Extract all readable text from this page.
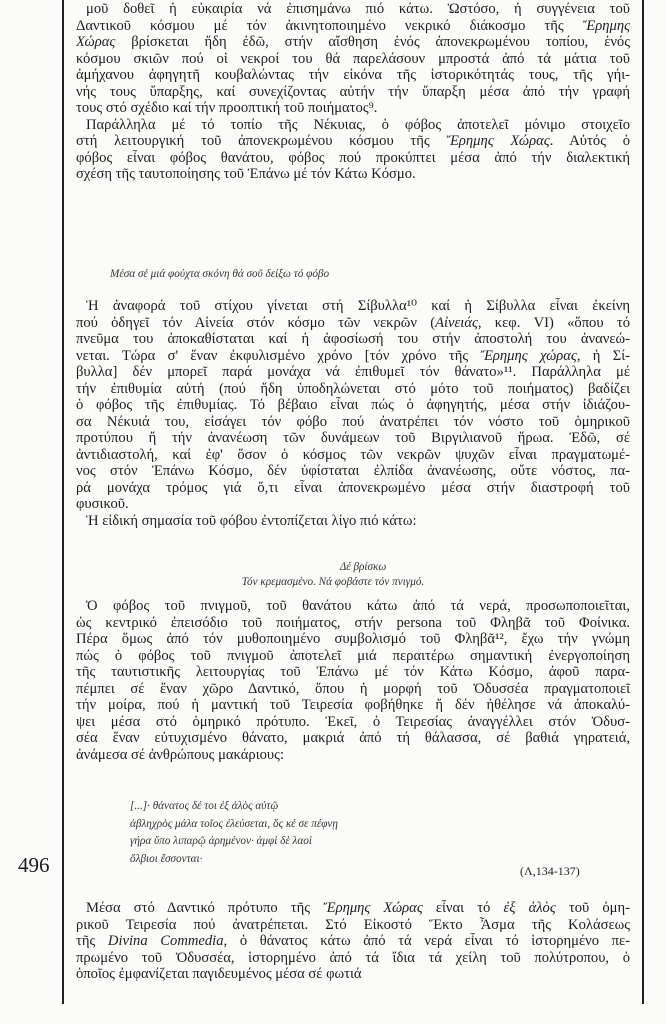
496
μοῦ δοθεῖ ἡ εὐκαιρία νά ἐπισημάνω πιό κάτω. Ὡστόσο, ἡ συγγένεια τοῦ
Δαντικοῦ κόσμου μέ τόν ἀκινητοποιημένο νεκρικό διάκοσμο τῆς Ἔρημης
Χώρας βρίσκεται ἤδη ἐδῶ, στήν αἴσθηση ἑνός ἀπονεκρωμένου τοπίου, ἑνός
κόσμου σκιῶν πού οἱ νεκροί του θά παρελάσουν μπροστά ἀπό τά μάτια τοῦ
ἀμήχανου ἀφηγητῆ κουβαλώντας τήν εἰκόνα τῆς ἱστορικότητάς τους, τῆς γήι-
νής τους ὕπαρξης, καί συνεχίζοντας αὐτήν τήν ὕπαρξη μέσα ἀπό τήν γραφή
τους στό σχέδιο καί τήν προοπτική τοῦ ποιήματος⁹.
Παράλληλα μέ τό τοπίο τῆς Νέκυιας, ὁ φόβος ἀποτελεῖ μόνιμο στοιχεῖο
στή λειτουργική τοῦ ἀπονεκρωμένου κόσμου τῆς Ἔρημης Χώρας. Αὐτός ὁ
φόβος εἶναι φόβος θανάτου, φόβος πού προκύπτει μέσα ἀπό τήν διαλεκτική
σχέση τῆς ταυτοποίησης τοῦ Ἐπάνω μέ τόν Κάτω Κόσμο.
Μέσα σέ μιά φούχτα σκόνη θά σοῦ δείξω τό φόβο
Ἡ ἀναφορά τοῦ στίχου γίνεται στή Σίβυλλα¹⁰ καί ἡ Σίβυλλα εἶναι ἐκείνη
πού ὁδηγεῖ τόν Αἰνεία στόν κόσμο τῶν νεκρῶν (Αἰνειάς, κεφ. VI) «ὅπου τό
πνεῦμα του ἀποκαθίσταται καί ἡ ἀφοσίωσή του στήν ἀποστολή του ἀνανεώ-
νεται. Τώρα σ' ἕναν ἐκφυλισμένο χρόνο [τόν χρόνο τῆς Ἔρημης χώρας, ἡ Σί-
βυλλα] δέν μπορεῖ παρά μονάχα νά ἐπιθυμεῖ τόν θάνατο»¹¹. Παράλληλα μέ
τήν ἐπιθυμία αὐτή (πού ἤδη ὑποδηλώνεται στό μότο τοῦ ποιήματος) βαδίζει
ὁ φόβος τῆς ἐπιθυμίας. Τό βέβαιο εἶναι πώς ὁ ἀφηγητής, μέσα στήν ἰδιάζου-
σα Νέκυιά του, εἰσάγει τόν φόβο πού ἀνατρέπει τόν νόστο τοῦ ὁμηρικοῦ
προτύπου ἤ τήν ἀνανέωση τῶν δυνάμεων τοῦ Βιργιλιανοῦ ἥρωα. Ἐδῶ, σέ
ἀντιδιαστολή, καί ἐφ' ὅσον ὁ κόσμος τῶν νεκρῶν ψυχῶν εἶναι πραγματωμέ-
νος στόν Ἐπάνω Κόσμο, δέν ὑφίσταται ἐλπίδα ἀνανέωσης, οὔτε νόστος, πα-
ρά μονάχα τρόμος γιά ὅ,τι εἶναι ἀπονεκρωμένο μέσα στήν διαστροφή τοῦ
φυσικοῦ.
Ἡ εἰδική σημασία τοῦ φόβου ἐντοπίζεται λίγο πιό κάτω:
Δέ βρίσκω
Τόν κρεμασμένο. Νά φοβάστε τόν πνιγμό.
Ὁ φόβος τοῦ πνιγμοῦ, τοῦ θανάτου κάτω ἀπό τά νερά, προσωποποιεῖται,
ὡς κεντρικό ἐπεισόδιο τοῦ ποιήματος, στήν persona τοῦ Φληβᾶ τοῦ Φοίνικα.
Πέρα ὅμως ἀπό τόν μυθοποιημένο συμβολισμό τοῦ Φληβᾶ¹², ἔχω τήν γνώμη
πώς ὁ φόβος τοῦ πνιγμοῦ ἀποτελεῖ μιά περαιτέρω σημαντική ἐνεργοποίηση
τῆς ταυτιστικῆς λειτουργίας τοῦ Ἐπάνω μέ τόν Κάτω Κόσμο, ἀφοῦ παρα-
πέμπει σέ ἕναν χῶρο Δαντικό, ὅπου ἡ μορφή τοῦ Ὀδυσσέα πραγματοποιεῖ
τήν μοίρα, πού ἡ μαντική τοῦ Τειρεσία φοβήθηκε ἤ δέν ἠθέλησε νά ἀποκαλύ-
ψει μέσα στό ὁμηρικό πρότυπο. Ἐκεῖ, ὁ Τειρεσίας ἀναγγέλλει στόν Ὀδυσ-
σέα ἕναν εὐτυχισμένο θάνατο, μακριά ἀπό τή θάλασσα, σέ βαθιά γηρατειά,
ἀνάμεσα σέ ἀνθρώπους μακάριους:
[...]· θάνατος δέ τοι ἐξ ἁλὸς αὐτῷ
ἀβληχρὸς μάλα τοῖος ἐλεύσεται, ὅς κέ σε πέφνῃ
γήρα ὕπο λιπαρῷ ἀρημένον· ἀμφὶ δὲ λαοὶ
ὄλβιοι ἔσσονται·
(Λ,134-137)
Μέσα στό Δαντικό πρότυπο τῆς Ἔρημης Χώρας εἶναι τό ἐξ ἁλὸς τοῦ ὁμη-
ρικοῦ Τειρεσία πού ἀνατρέπεται. Στό Εἰκοστό Ἕκτο Ἆσμα τῆς Κολάσεως
τῆς Divina Commedia, ὁ θάνατος κάτω ἀπό τά νερά εἶναι τό ἱστορημένο πε-
πρωμένο τοῦ Ὀδυσσέα, ἱστορημένο ἀπό τά ἴδια τά χείλη τοῦ πολύτροπου, ὁ
ὁποῖος ἐμφανίζεται παγιδευμένος μέσα σέ φωτιά
